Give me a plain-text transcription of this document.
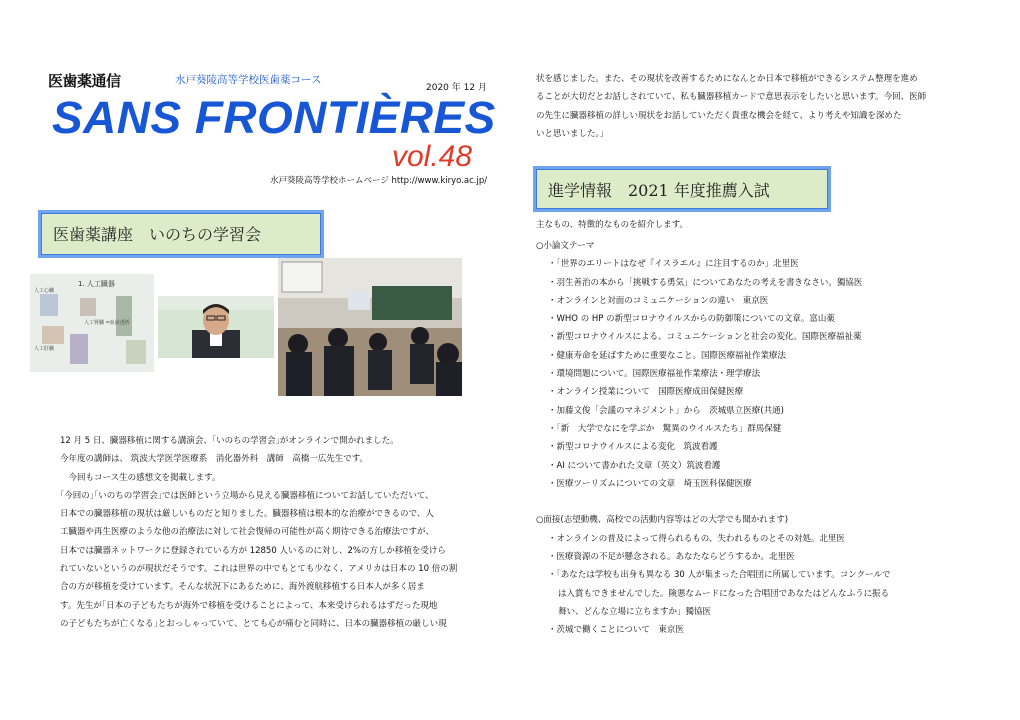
医歯薬通信	水戸葵陵高等学校医歯薬コース
2020 年 12 月
SANS FRONTIÈRES
vol.48
水戸葵陵高等学校ホームページ http://www.kiryo.ac.jp/
医歯薬講座　いのちの学習会
1. 人工臓器
人工心臓
人工腎臓 =血液透析
人工肝臓

12 月 5 日、臓器移植に関する講演会、｢いのちの学習会｣がオンラインで開かれました。

今年度の講師は、 筑波大学医学医療系　消化器外科　講師　高橋一広先生です。

　今回もコース生の感想文を掲載します。

｢今回の｣｢いのちの学習会｣では医師という立場から見える臓器移植についてお話していただいて、

日本での臓器移植の現状は厳しいものだと知りました。臓器移植は根本的な治療ができるので、人

工臓器や再生医療のような他の治療法に対して社会復帰の可能性が高く期待できる治療法ですが、

日本では臓器ネットワークに登録されている方が 12850 人いるのに対し、2%の方しか移植を受けら

れていないというのが現状だそうです。これは世界の中でもとても少なく、アメリカは日本の 10 倍の割

合の方が移植を受けています。そんな状況下にあるために、海外渡航移植する日本人が多く居ま

す。先生が｢日本の子どもたちが海外で移植を受けることによって、本来受けられるはずだった現地

の子どもたちが亡くなる｣とおっしゃっていて、とても心が痛むと同時に、日本の臓器移植の厳しい現

状を感じました。また、その現状を改善するためになんとか日本で移植ができるシステム整理を進め

ることが大切だとお話しされていて、私も臓器移植カードで意思表示をしたいと思います。今回、医師

の先生に臓器移植の詳しい現状をお話していただく貴重な機会を経て、より考えや知識を深めた

いと思いました。」

進学情報　2021 年度推薦入試
主なもの、特徴的なものを紹介します。

○小論文テーマ

・「世界のエリートはなぜ『イスラエル』に注目するのか」北里医

・羽生善治の本から「挑戦する勇気」についてあなたの考えを書きなさい。獨協医

・オンラインと対面のコミュニケーションの違い　東京医

・WHO の HP の新型コロナウイルスからの防御策についての文章。富山薬

・新型コロナウイルスによる、コミュニケーションと社会の変化。国際医療福祉薬

・健康寿命を延ばすために重要なこと。国際医療福祉作業療法

・環境問題について。国際医療福祉作業療法・理学療法

・オンライン授業について　国際医療成田保健医療

・加藤文俊「会議のマネジメント」から　茨城県立医療(共通)

・「新　大学でなにを学ぶか　驚異のウイルスたち」群馬保健

・新型コロナウイルスによる変化　筑波看護

・AI について書かれた文章（英文）筑波看護

・医療ツーリズムについての文章　埼玉医科保健医療

○面接(志望動機、高校での活動内容等はどの大学でも聞かれます)

・オンラインの普及によって得られるもの、失われるものとその対処。北里医

・医療資源の不足が懸念される。あなたならどうするか。北里医

・「あなたは学校も出身も異なる 30 人が集まった合唱団に所属しています。コンクールで

は入賞もできませんでした。険悪なムードになった合唱団であなたはどんなふうに振る

舞い、どんな立場に立ちますか」獨協医

・茨城で働くことについて　東京医
